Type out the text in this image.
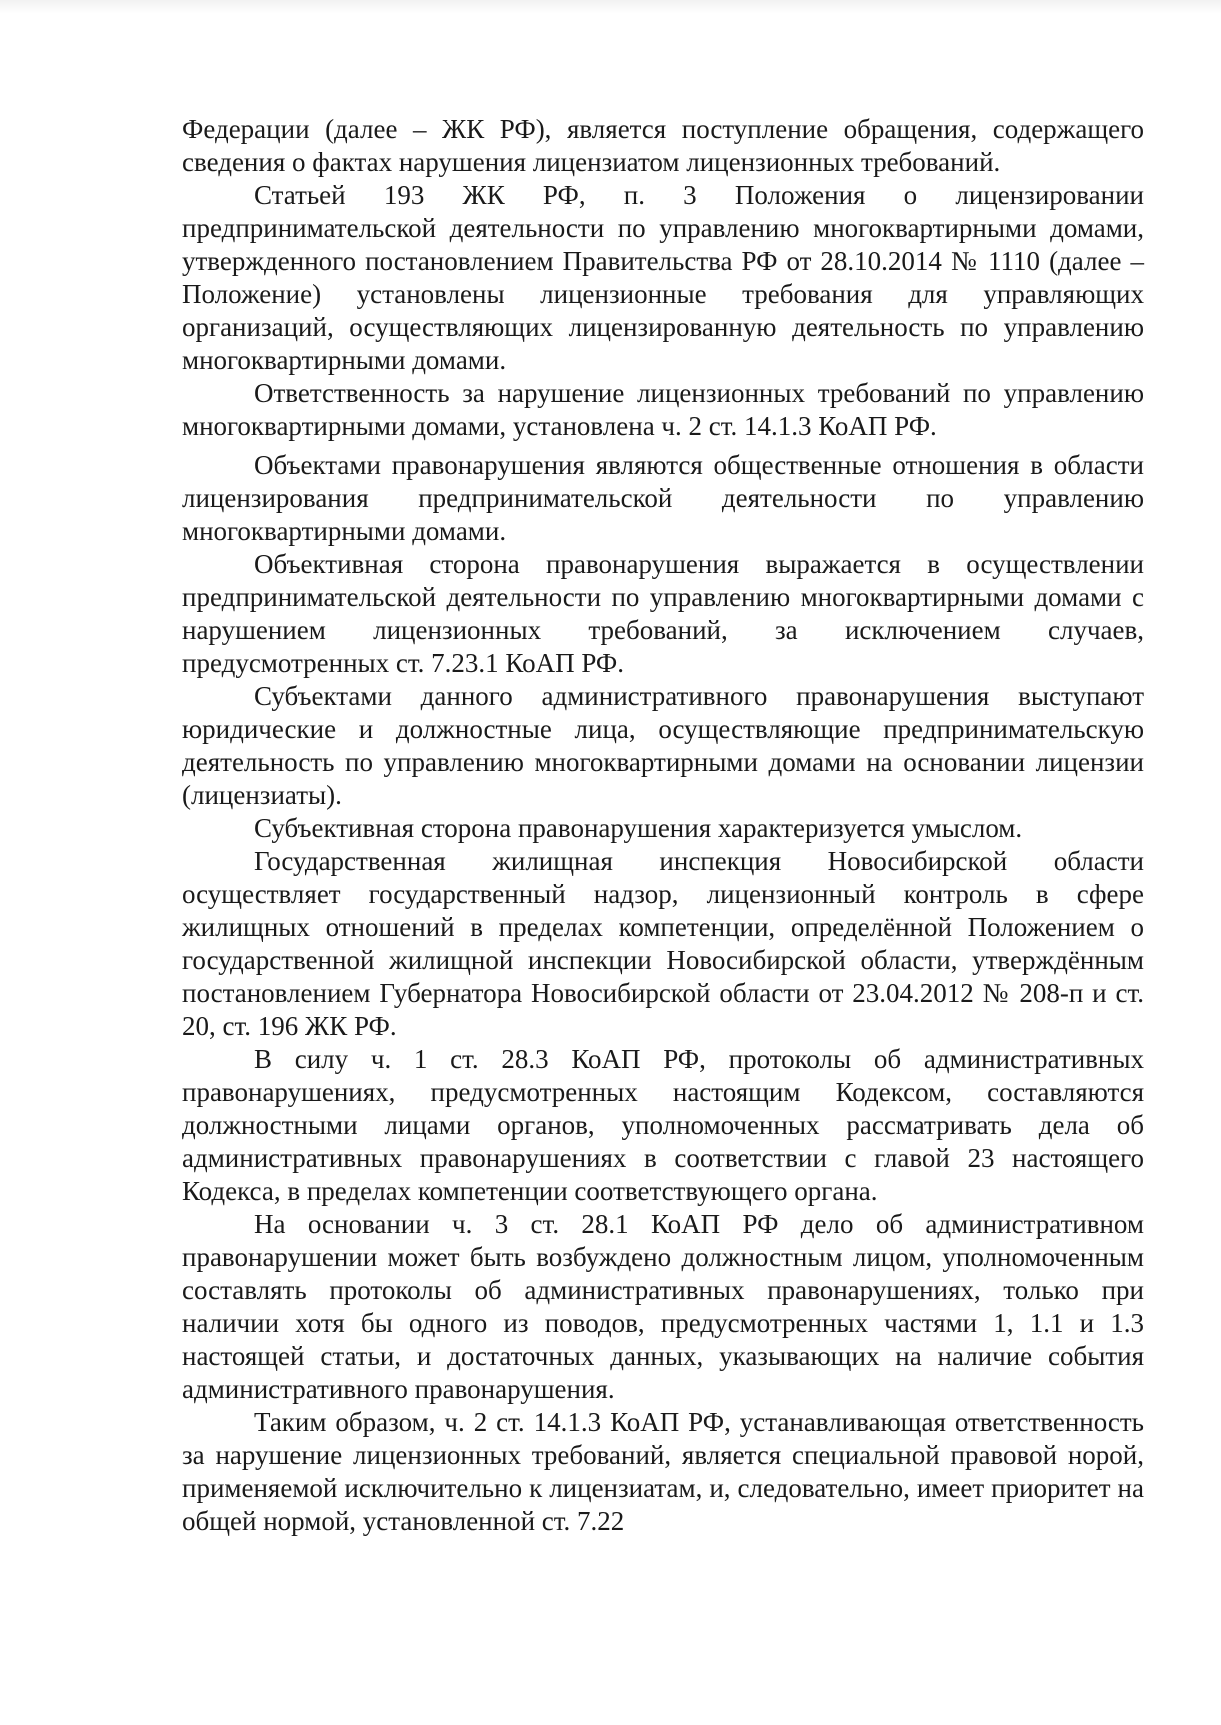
Федерации (далее – ЖК РФ), является поступление обращения, содержащего сведения о фактах нарушения лицензиатом лицензионных требований.

Статьей 193 ЖК РФ, п. 3 Положения о лицензировании предпринимательской деятельности по управлению многоквартирными домами, утвержденного постановлением Правительства РФ от 28.10.2014 № 1110 (далее – Положение) установлены лицензионные требования для управляющих организаций, осуществляющих лицензированную деятельность по управлению многоквартирными домами.

Ответственность за нарушение лицензионных требований по управлению многоквартирными домами, установлена ч. 2 ст. 14.1.3 КоАП РФ.

Объектами правонарушения являются общественные отношения в области лицензирования предпринимательской деятельности по управлению многоквартирными домами.

Объективная сторона правонарушения выражается в осуществлении предпринимательской деятельности по управлению многоквартирными домами с нарушением лицензионных требований, за исключением случаев, предусмотренных ст. 7.23.1 КоАП РФ.

Субъектами данного административного правонарушения выступают юридические и должностные лица, осуществляющие предпринимательскую деятельность по управлению многоквартирными домами на основании лицензии (лицензиаты).

Субъективная сторона правонарушения характеризуется умыслом.

Государственная жилищная инспекция Новосибирской области осуществляет государственный надзор, лицензионный контроль в сфере жилищных отношений в пределах компетенции, определённой Положением о государственной жилищной инспекции Новосибирской области, утверждённым постановлением Губернатора Новосибирской области от 23.04.2012 № 208-п и ст. 20, ст. 196 ЖК РФ.

В силу ч. 1 ст. 28.3 КоАП РФ, протоколы об административных правонарушениях, предусмотренных настоящим Кодексом, составляются должностными лицами органов, уполномоченных рассматривать дела об административных правонарушениях в соответствии с главой 23 настоящего Кодекса, в пределах компетенции соответствующего органа.

На основании ч. 3 ст. 28.1 КоАП РФ дело об административном правонарушении может быть возбуждено должностным лицом, уполномоченным составлять протоколы об административных правонарушениях, только при наличии хотя бы одного из поводов, предусмотренных частями 1, 1.1 и 1.3 настоящей статьи, и достаточных данных, указывающих на наличие события административного правонарушения.

Таким образом, ч. 2 ст. 14.1.3 КоАП РФ, устанавливающая ответственность за нарушение лицензионных требований, является специальной правовой норой, применяемой исключительно к лицензиатам, и, следовательно, имеет приоритет на общей нормой, установленной ст. 7.22
